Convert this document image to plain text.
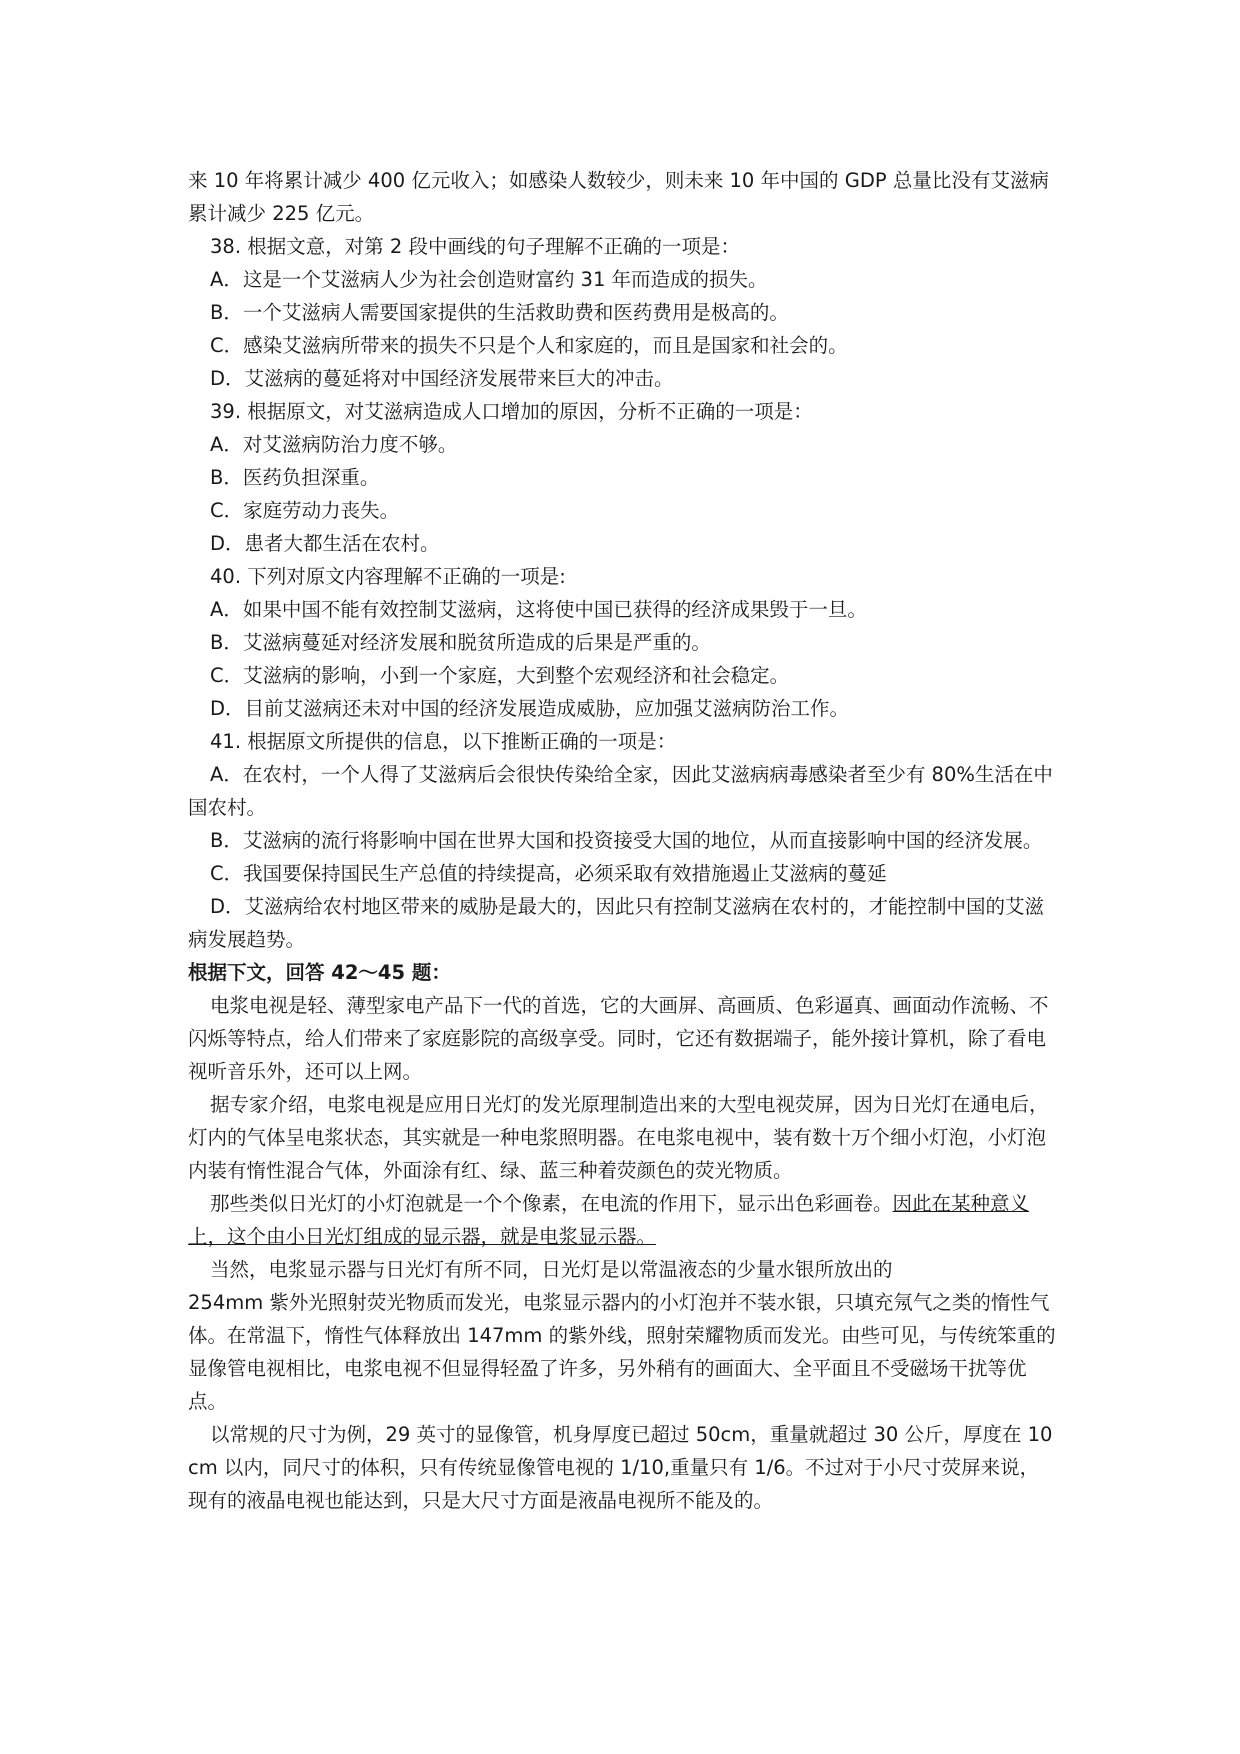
来 10 年将累计减少 400 亿元收入；如感染人数较少，则未来 10 年中国的 GDP 总量比没有艾滋病累计减少 225 亿元。

38. 根据文意，对第 2 段中画线的句子理解不正确的一项是：

A．这是一个艾滋病人少为社会创造财富约 31 年而造成的损失。

B．一个艾滋病人需要国家提供的生活救助费和医药费用是极高的。

C．感染艾滋病所带来的损失不只是个人和家庭的，而且是国家和社会的。

D．艾滋病的蔓延将对中国经济发展带来巨大的冲击。

39. 根据原文，对艾滋病造成人口增加的原因，分析不正确的一项是：

A．对艾滋病防治力度不够。

B．医药负担深重。

C．家庭劳动力丧失。

D．患者大都生活在农村。

40. 下列对原文内容理解不正确的一项是:

A．如果中国不能有效控制艾滋病，这将使中国已获得的经济成果毁于一旦。

B．艾滋病蔓延对经济发展和脱贫所造成的后果是严重的。

C．艾滋病的影响，小到一个家庭，大到整个宏观经济和社会稳定。

D．目前艾滋病还未对中国的经济发展造成威胁，应加强艾滋病防治工作。

41. 根据原文所提供的信息，以下推断正确的一项是：

A．在农村，一个人得了艾滋病后会很快传染给全家，因此艾滋病病毒感染者至少有 80%生活在中国农村。

B．艾滋病的流行将影响中国在世界大国和投资接受大国的地位，从而直接影响中国的经济发展。

C．我国要保持国民生产总值的持续提高，必须采取有效措施遏止艾滋病的蔓延

D．艾滋病给农村地区带来的威胁是最大的，因此只有控制艾滋病在农村的，才能控制中国的艾滋病发展趋势。

根据下文，回答 42～45 题：

电浆电视是轻、薄型家电产品下一代的首选，它的大画屏、高画质、色彩逼真、画面动作流畅、不闪烁等特点，给人们带来了家庭影院的高级享受。同时，它还有数据端子，能外接计算机，除了看电视听音乐外，还可以上网。

据专家介绍，电浆电视是应用日光灯的发光原理制造出来的大型电视荧屏，因为日光灯在通电后，灯内的气体呈电浆状态，其实就是一种电浆照明器。在电浆电视中，装有数十万个细小灯泡，小灯泡内装有惰性混合气体，外面涂有红、绿、蓝三种着荧颜色的荧光物质。

那些类似日光灯的小灯泡就是一个个像素，在电流的作用下，显示出色彩画卷。因此在某种意义上，这个由小日光灯组成的显示器，就是电浆显示器。

当然，电浆显示器与日光灯有所不同，日光灯是以常温液态的少量水银所放出的

254mm 紫外光照射荧光物质而发光，电浆显示器内的小灯泡并不装水银，只填充氖气之类的惰性气体。在常温下，惰性气体释放出 147mm 的紫外线，照射荣耀物质而发光。由些可见，与传统笨重的显像管电视相比，电浆电视不但显得轻盈了许多，另外稍有的画面大、全平面且不受磁场干扰等优点。

以常规的尺寸为例，29 英寸的显像管，机身厚度已超过 50cm，重量就超过 30 公斤，厚度在 10cm 以内，同尺寸的体积，只有传统显像管电视的 1/10,重量只有 1/6。不过对于小尺寸荧屏来说，现有的液晶电视也能达到，只是大尺寸方面是液晶电视所不能及的。
